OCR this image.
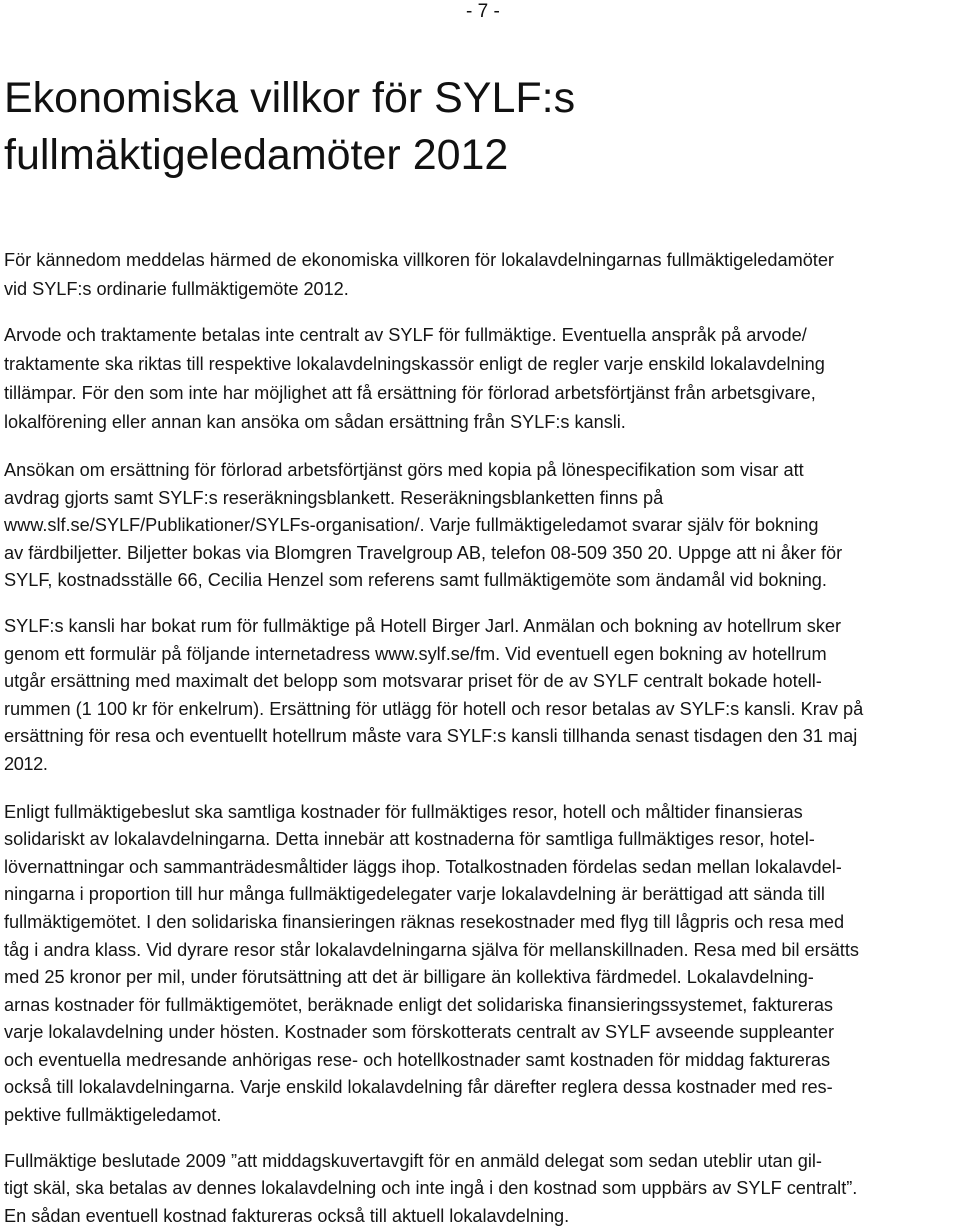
- 7 -
Ekonomiska villkor för SYLF:s
fullmäktigeledamöter 2012

För kännedom meddelas härmed de ekonomiska villkoren för lokalavdelningarnas fullmäktigeledamöter
vid SYLF:s ordinarie fullmäktigemöte 2012.

Arvode och traktamente betalas inte centralt av SYLF för fullmäktige. Eventuella anspråk på arvode/
traktamente ska riktas till respektive lokalavdelningskassör enligt de regler varje enskild lokalavdelning
tillämpar. För den som inte har möjlighet att få ersättning för förlorad arbetsförtjänst från arbetsgivare,
lokalförening eller annan kan ansöka om sådan ersättning från SYLF:s kansli.

Ansökan om ersättning för förlorad arbetsförtjänst görs med kopia på lönespecifikation som visar att
avdrag gjorts samt SYLF:s reseräkningsblankett. Reseräkningsblanketten finns på
www.slf.se/SYLF/Publikationer/SYLFs-organisation/. Varje fullmäktigeledamot svarar själv för bokning
av färdbiljetter. Biljetter bokas via Blomgren Travelgroup AB, telefon 08-509 350 20. Uppge att ni åker för
SYLF, kostnadsställe 66, Cecilia Henzel som referens samt fullmäktigemöte som ändamål vid bokning.

SYLF:s kansli har bokat rum för fullmäktige på Hotell Birger Jarl. Anmälan och bokning av hotellrum sker
genom ett formulär på följande internetadress www.sylf.se/fm. Vid eventuell egen bokning av hotellrum
utgår ersättning med maximalt det belopp som motsvarar priset för de av SYLF centralt bokade hotell-
rummen (1 100 kr för enkelrum). Ersättning för utlägg för hotell och resor betalas av SYLF:s kansli. Krav på
ersättning för resa och eventuellt hotellrum måste vara SYLF:s kansli tillhanda senast tisdagen den 31 maj
2012.

Enligt fullmäktigebeslut ska samtliga kostnader för fullmäktiges resor, hotell och måltider finansieras
solidariskt av lokalavdelningarna. Detta innebär att kostnaderna för samtliga fullmäktiges resor, hotel-
lövernattningar och sammanträdesmåltider läggs ihop. Totalkostnaden fördelas sedan mellan lokalavdel-
ningarna i proportion till hur många fullmäktigedelegater varje lokalavdelning är berättigad att sända till
fullmäktigemötet. I den solidariska finansieringen räknas resekostnader med flyg till lågpris och resa med
tåg i andra klass. Vid dyrare resor står lokalavdelningarna själva för mellanskillnaden. Resa med bil ersätts
med 25 kronor per mil, under förutsättning att det är billigare än kollektiva färdmedel. Lokalavdelning-
arnas kostnader för fullmäktigemötet, beräknade enligt det solidariska finansieringssystemet, faktureras
varje lokalavdelning under hösten. Kostnader som förskotterats centralt av SYLF avseende suppleanter
och eventuella medresande anhörigas rese- och hotellkostnader samt kostnaden för middag faktureras
också till lokalavdelningarna. Varje enskild lokalavdelning får därefter reglera dessa kostnader med res-
pektive fullmäktigeledamot.

Fullmäktige beslutade 2009 ”att middagskuvertavgift för en anmäld delegat som sedan uteblir utan gil-
tigt skäl, ska betalas av dennes lokalavdelning och inte ingå i den kostnad som uppbärs av SYLF centralt”.
En sådan eventuell kostnad faktureras också till aktuell lokalavdelning.
